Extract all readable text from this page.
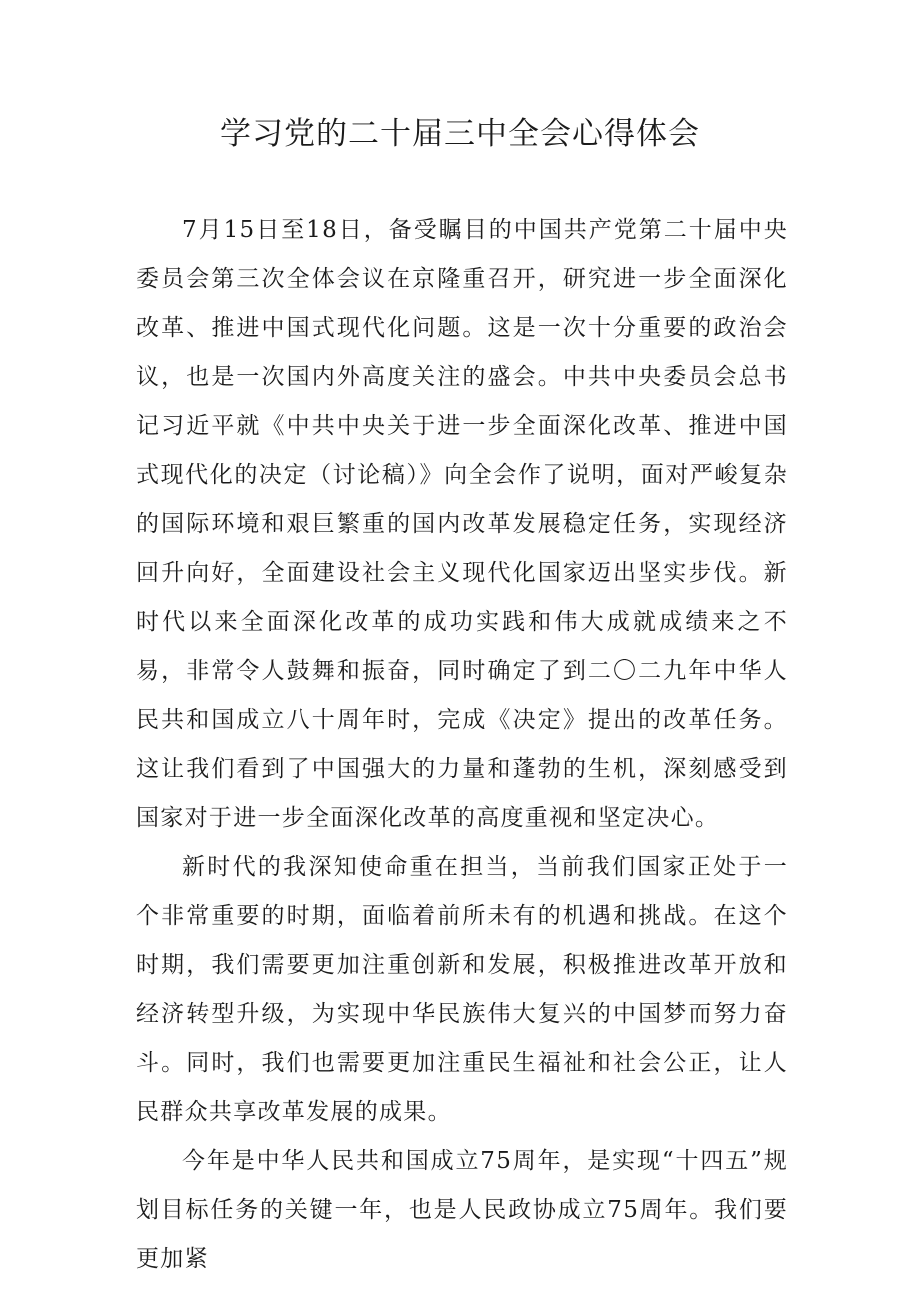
学习党的二十届三中全会心得体会

7月15日至18日，备受瞩目的中国共产党第二十届中央委员会第三次全体会议在京隆重召开，研究进一步全面深化改革、推进中国式现代化问题。这是一次十分重要的政治会议，也是一次国内外高度关注的盛会。中共中央委员会总书记习近平就《中共中央关于进一步全面深化改革、推进中国式现代化的决定（讨论稿）》向全会作了说明，面对严峻复杂的国际环境和艰巨繁重的国内改革发展稳定任务，实现经济回升向好，全面建设社会主义现代化国家迈出坚实步伐。新时代以来全面深化改革的成功实践和伟大成就成绩来之不易，非常令人鼓舞和振奋，同时确定了到二〇二九年中华人民共和国成立八十周年时，完成《决定》提出的改革任务。这让我们看到了中国强大的力量和蓬勃的生机，深刻感受到国家对于进一步全面深化改革的高度重视和坚定决心。

新时代的我深知使命重在担当，当前我们国家正处于一个非常重要的时期，面临着前所未有的机遇和挑战。在这个时期，我们需要更加注重创新和发展，积极推进改革开放和经济转型升级，为实现中华民族伟大复兴的中国梦而努力奋斗。同时，我们也需要更加注重民生福祉和社会公正，让人民群众共享改革发展的成果。

今年是中华人民共和国成立75周年，是实现“十四五”规划目标任务的关键一年，也是人民政协成立75周年。我们要更加紧
